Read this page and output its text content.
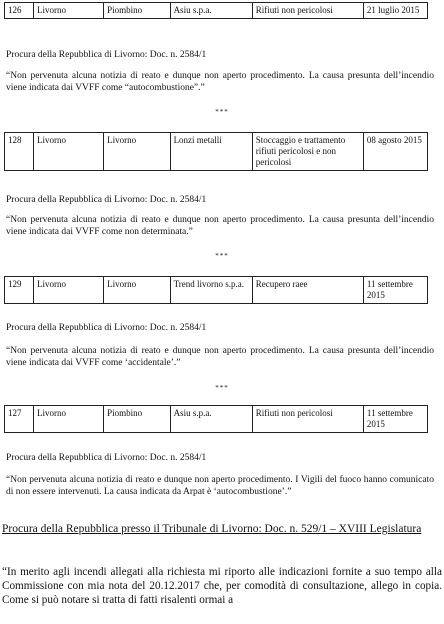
126	Livorno	Piombino	Asiu s.p.a.	Rifiuti non pericolosi	21 luglio 2015
Procura della Repubblica di Livorno: Doc. n. 2584/1
“Non pervenuta alcuna notizia di reato e dunque non aperto procedimento. La causa presunta dell’incendio viene indicata dai VVFF come “autocombustione”.”
***
128	Livorno	Livorno	Lonzi metalli	Stoccaggio e trattamento rifiuti pericolosi e non pericolosi	08 agosto 2015
Procura della Repubblica di Livorno: Doc. n. 2584/1
“Non pervenuta alcuna notizia di reato e dunque non aperto procedimento. La causa presunta dell’incendio viene indicata dai VVFF come non determinata.”
***
129	Livorno	Livorno	Trend livorno s.p.a.	Recupero raee	11 settembre 2015
Procura della Repubblica di Livorno: Doc. n. 2584/1
“Non pervenuta alcuna notizia di reato e dunque non aperto procedimento. La causa presunta dell’incendio viene indicata dai VVFF come ‘accidentale’.”
***
127	Livorno	Piombino	Asiu s.p.a.	Rifiuti non pericolosi	11 settembre 2015
Procura della Repubblica di Livorno: Doc. n. 2584/1
“Non pervenuta alcuna notizia di reato e dunque non aperto procedimento. I Vigili del fuoco hanno comunicato di non essere intervenuti. La causa indicata da Arpat è ‘autocombustione’.”
Procura della Repubblica presso il Tribunale di Livorno: Doc. n. 529/1 – XVIII Legislatura
“In merito agli incendi allegati alla richiesta mi riporto alle indicazioni fornite a suo tempo alla Commissione con mia nota del 20.12.2017 che, per comodità di consultazione, allego in copia. Come si può notare si tratta di fatti risalenti ormai a
